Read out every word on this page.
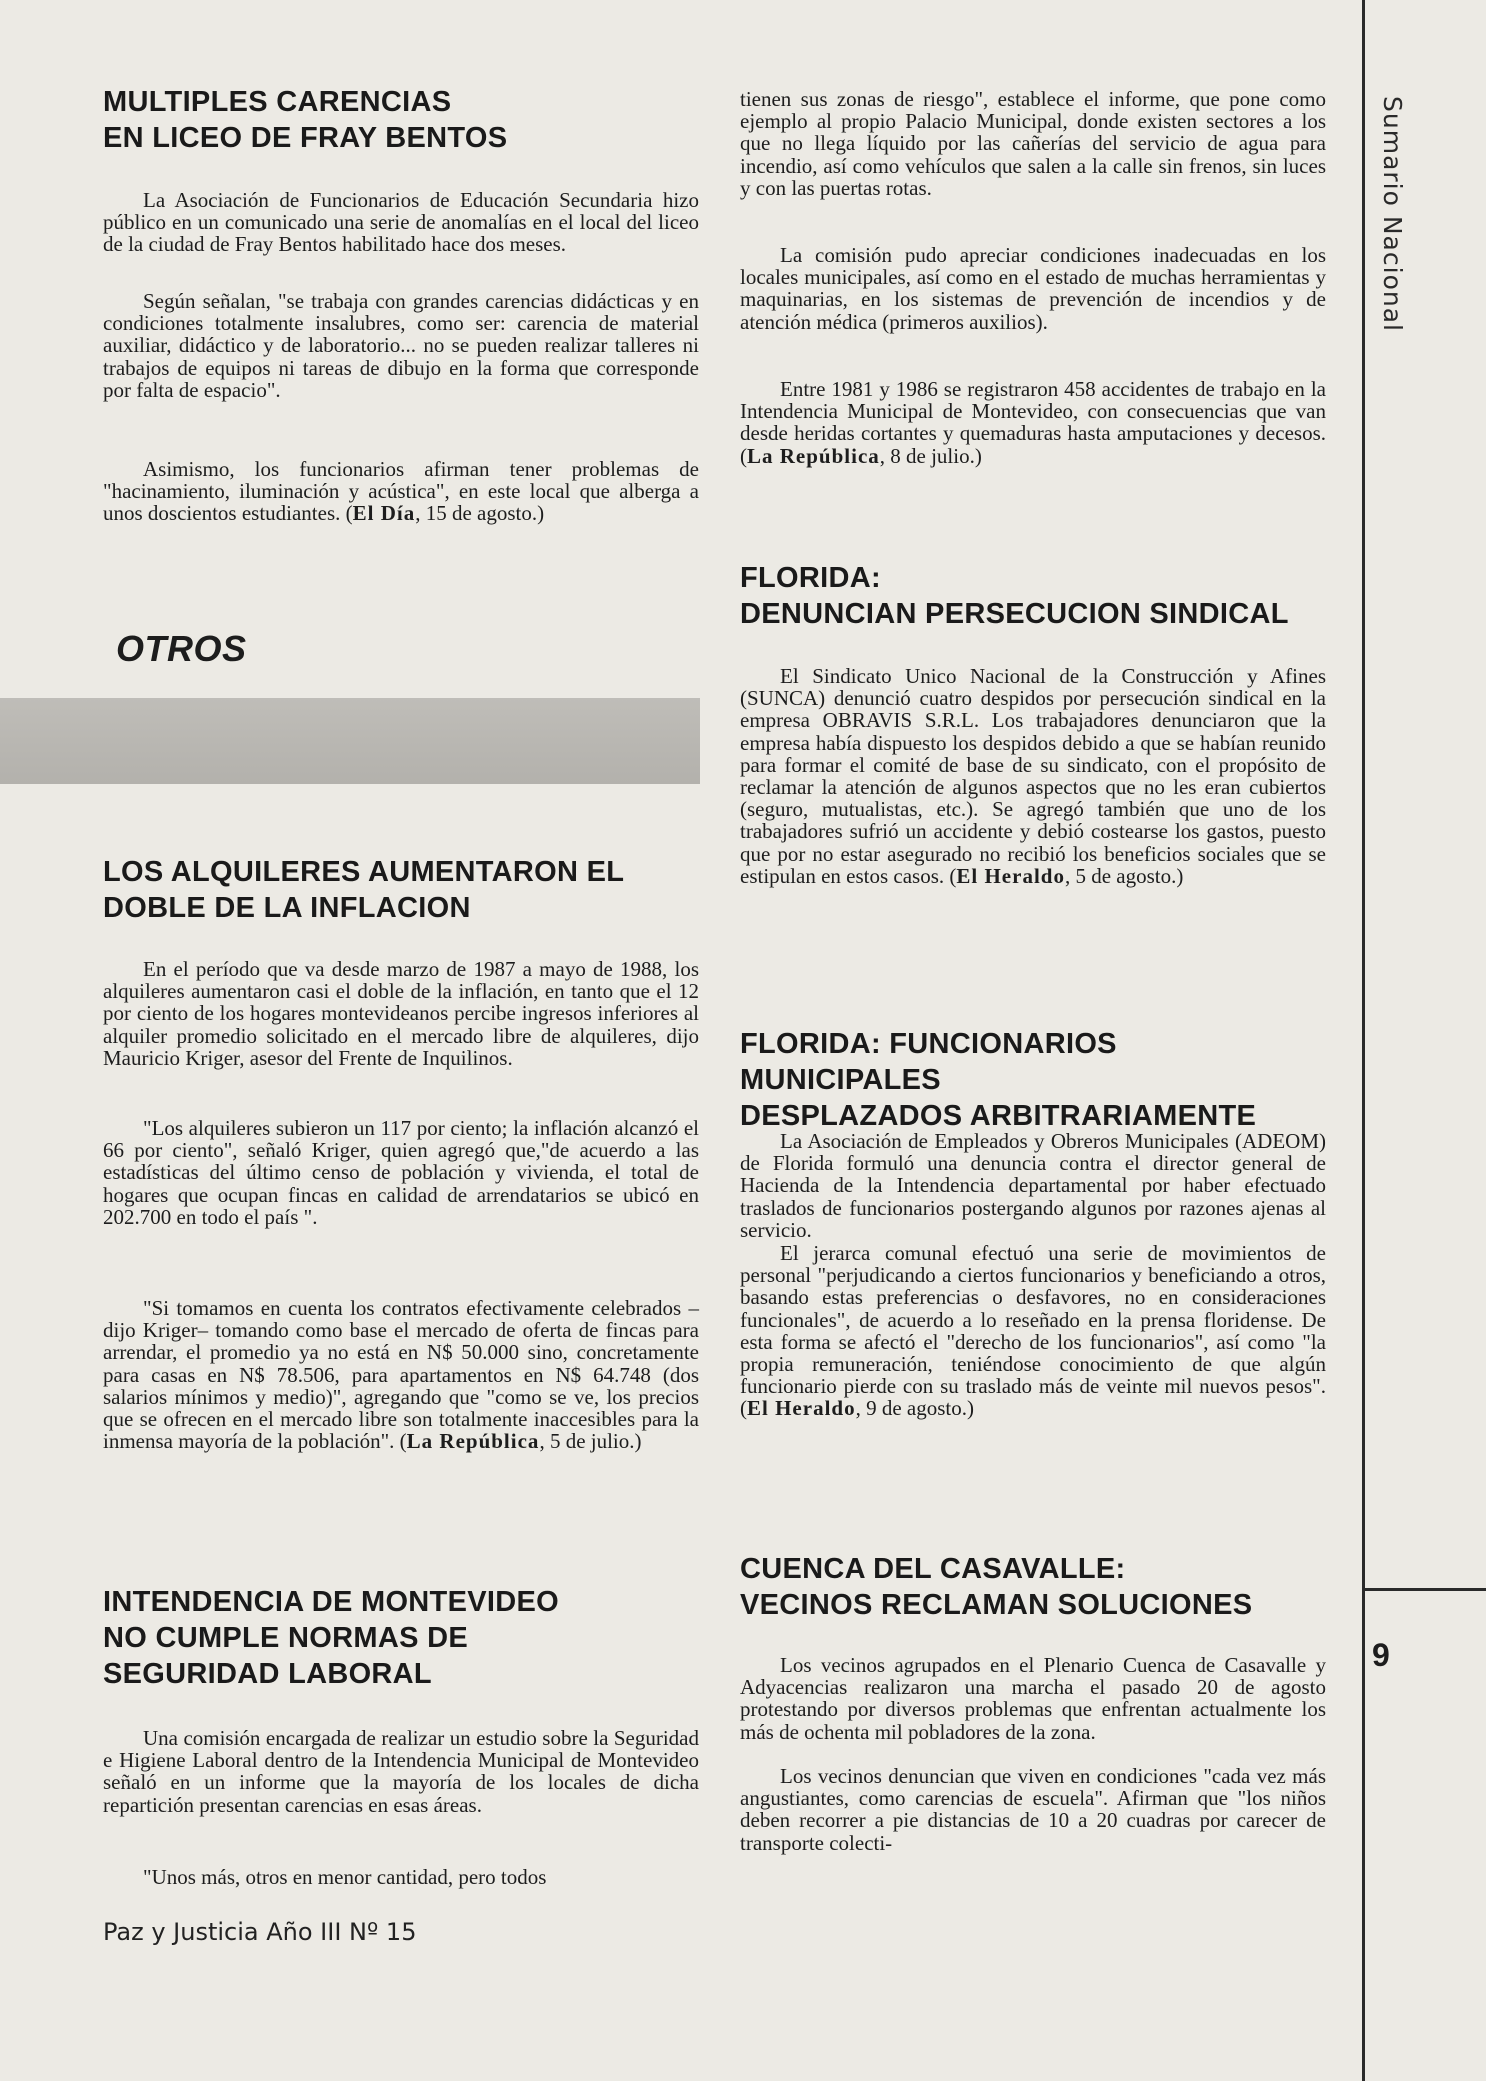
Sumario Nacional
9
Paz y Justicia Año III Nº 15
MULTIPLES CARENCIAS
EN LICEO DE FRAY BENTOS

La Asociación de Funcionarios de Educación Secundaria hizo público en un comunicado una serie de anomalías en el local del liceo de la ciudad de Fray Bentos habilitado hace dos meses.

Según señalan, "se trabaja con grandes carencias didácticas y en condiciones totalmente insalubres, como ser: carencia de material auxiliar, didáctico y de laboratorio... no se pueden realizar talleres ni trabajos de equipos ni tareas de dibujo en la forma que corresponde por falta de espacio".

Asimismo, los funcionarios afirman tener problemas de "hacinamiento, iluminación y acústica", en este local que alberga a unos doscientos estudiantes. (El Día, 15 de agosto.)

OTROS
LOS ALQUILERES AUMENTARON EL
DOBLE DE LA INFLACION

En el período que va desde marzo de 1987 a mayo de 1988, los alquileres aumentaron casi el doble de la inflación, en tanto que el 12 por ciento de los hogares montevideanos percibe ingresos inferiores al alquiler promedio solicitado en el mercado libre de alquileres, dijo Mauricio Kriger, asesor del Frente de Inquilinos.

"Los alquileres subieron un 117 por ciento; la inflación alcanzó el 66 por ciento", señaló Kriger, quien agregó que,"de acuerdo a las estadísticas del último censo de población y vivienda, el total de hogares que ocupan fincas en calidad de arrendatarios se ubicó en 202.700 en todo el país ".

"Si tomamos en cuenta los contratos efectivamente celebrados –dijo Kriger– tomando como base el mercado de oferta de fincas para arrendar, el promedio ya no está en N$ 50.000 sino, concretamente para casas en N$ 78.506, para apartamentos en N$ 64.748 (dos salarios mínimos y medio)", agregando que "como se ve, los precios que se ofrecen en el mercado libre son totalmente inaccesibles para la inmensa mayoría de la población". (La República, 5 de julio.)

INTENDENCIA DE MONTEVIDEO
NO CUMPLE NORMAS DE
SEGURIDAD LABORAL

Una comisión encargada de realizar un estudio sobre la Seguridad e Higiene Laboral dentro de la Intendencia Municipal de Montevideo señaló en un informe que la mayoría de los locales de dicha repartición presentan carencias en esas áreas.

"Unos más, otros en menor cantidad, pero todos

tienen sus zonas de riesgo", establece el informe, que pone como ejemplo al propio Palacio Municipal, donde existen sectores a los que no llega líquido por las cañerías del servicio de agua para incendio, así como vehículos que salen a la calle sin frenos, sin luces y con las puertas rotas.

La comisión pudo apreciar condiciones inadecuadas en los locales municipales, así como en el estado de muchas herramientas y maquinarias, en los sistemas de prevención de incendios y de atención médica (primeros auxilios).

Entre 1981 y 1986 se registraron 458 accidentes de trabajo en la Intendencia Municipal de Montevideo, con consecuencias que van desde heridas cortantes y quemaduras hasta amputaciones y decesos. (La República, 8 de julio.)

FLORIDA:
DENUNCIAN PERSECUCION SINDICAL

El Sindicato Unico Nacional de la Construcción y Afines (SUNCA) denunció cuatro despidos por persecución sindical en la empresa OBRAVIS S.R.L. Los trabajadores denunciaron que la empresa había dispuesto los despidos debido a que se habían reunido para formar el comité de base de su sindicato, con el propósito de reclamar la atención de algunos aspectos que no les eran cubiertos (seguro, mutualistas, etc.). Se agregó también que uno de los trabajadores sufrió un accidente y debió costearse los gastos, puesto que por no estar asegurado no recibió los beneficios sociales que se estipulan en estos casos. (El Heraldo, 5 de agosto.)

FLORIDA: FUNCIONARIOS MUNICIPALES
DESPLAZADOS ARBITRARIAMENTE

La Asociación de Empleados y Obreros Municipales (ADEOM) de Florida formuló una denuncia contra el director general de Hacienda de la Intendencia departamental por haber efectuado traslados de funcionarios postergando algunos por razones ajenas al servicio.

El jerarca comunal efectuó una serie de movimientos de personal "perjudicando a ciertos funcionarios y beneficiando a otros, basando estas preferencias o desfavores, no en consideraciones funcionales", de acuerdo a lo reseñado en la prensa floridense. De esta forma se afectó el "derecho de los funcionarios", así como "la propia remuneración, teniéndose conocimiento de que algún funcionario pierde con su traslado más de veinte mil nuevos pesos". (El Heraldo, 9 de agosto.)

CUENCA DEL CASAVALLE:
VECINOS RECLAMAN SOLUCIONES

Los vecinos agrupados en el Plenario Cuenca de Casavalle y Adyacencias realizaron una marcha el pasado 20 de agosto protestando por diversos problemas que enfrentan actualmente los más de ochenta mil pobladores de la zona.

Los vecinos denuncian que viven en condiciones "cada vez más angustiantes, como carencias de escuela". Afirman que "los niños deben recorrer a pie distancias de 10 a 20 cuadras por carecer de transporte colecti-
